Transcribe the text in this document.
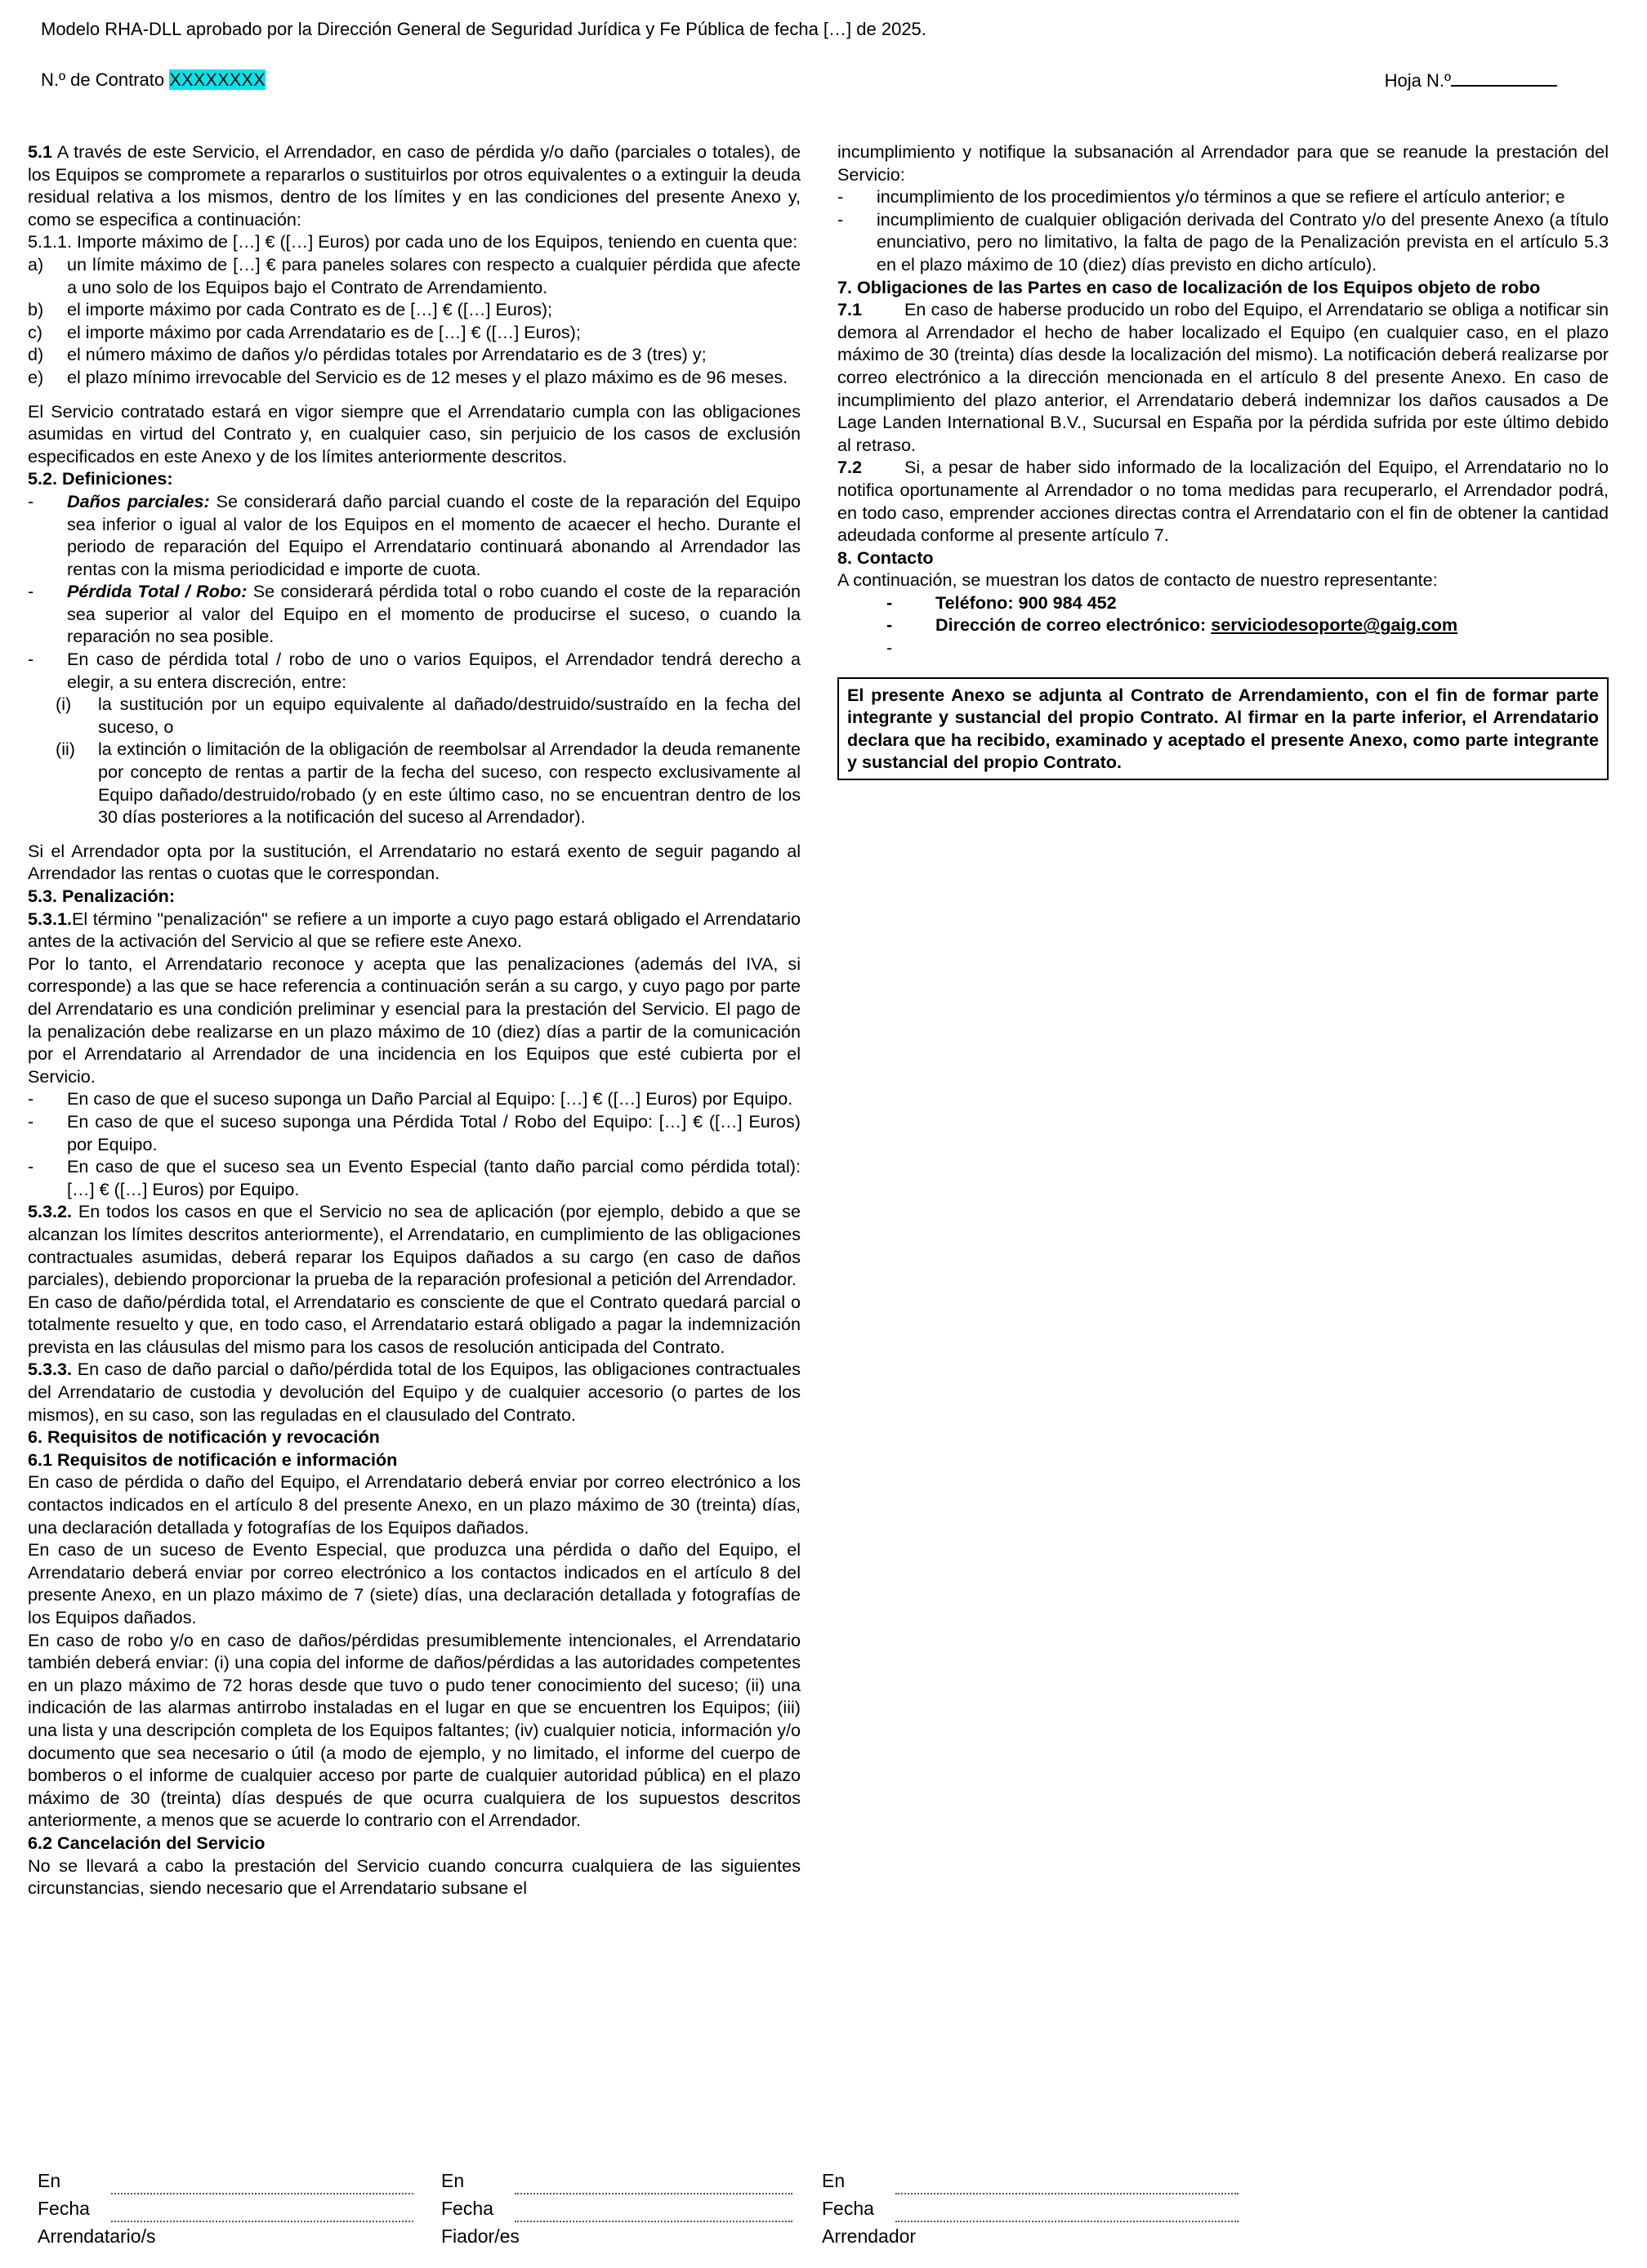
Modelo RHA-DLL aprobado por la Dirección General de Seguridad Jurídica y Fe Pública de fecha […] de 2025.
N.º de Contrato XXXXXXXX	Hoja N.º

5.1 A través de este Servicio, el Arrendador, en caso de pérdida y/o daño (parciales o totales), de los Equipos se compromete a repararlos o sustituirlos por otros equivalentes o a extinguir la deuda residual relativa a los mismos, dentro de los límites y en las condiciones del presente Anexo y, como se especifica a continuación:

5.1.1. Importe máximo de […] € ([…] Euros) por cada uno de los Equipos, teniendo en cuenta que:

a)	un límite máximo de […] € para paneles solares con respecto a cualquier pérdida que afecte a uno solo de los Equipos bajo el Contrato de Arrendamiento.
b)	el importe máximo por cada Contrato es de […] € ([…] Euros);
c)	el importe máximo por cada Arrendatario es de […] € ([…] Euros);
d)	el número máximo de daños y/o pérdidas totales por Arrendatario es de 3 (tres) y;
e)	el plazo mínimo irrevocable del Servicio es de 12 meses y el plazo máximo es de 96 meses.

El Servicio contratado estará en vigor siempre que el Arrendatario cumpla con las obligaciones asumidas en virtud del Contrato y, en cualquier caso, sin perjuicio de los casos de exclusión especificados en este Anexo y de los límites anteriormente descritos.

5.2. Definiciones:

-	Daños parciales: Se considerará daño parcial cuando el coste de la reparación del Equipo sea inferior o igual al valor de los Equipos en el momento de acaecer el hecho. Durante el periodo de reparación del Equipo el Arrendatario continuará abonando al Arrendador las rentas con la misma periodicidad e importe de cuota.
-	Pérdida Total / Robo: Se considerará pérdida total o robo cuando el coste de la reparación sea superior al valor del Equipo en el momento de producirse el suceso, o cuando la reparación no sea posible.
-	En caso de pérdida total / robo de uno o varios Equipos, el Arrendador tendrá derecho a elegir, a su entera discreción, entre:
(i)	la sustitución por un equipo equivalente al dañado/destruido/sustraído en la fecha del suceso, o
(ii)	la extinción o limitación de la obligación de reembolsar al Arrendador la deuda remanente por concepto de rentas a partir de la fecha del suceso, con respecto exclusivamente al Equipo dañado/destruido/robado (y en este último caso, no se encuentran dentro de los 30 días posteriores a la notificación del suceso al Arrendador).

Si el Arrendador opta por la sustitución, el Arrendatario no estará exento de seguir pagando al Arrendador las rentas o cuotas que le correspondan.

5.3. Penalización:

5.3.1.El término "penalización" se refiere a un importe a cuyo pago estará obligado el Arrendatario antes de la activación del Servicio al que se refiere este Anexo.

Por lo tanto, el Arrendatario reconoce y acepta que las penalizaciones (además del IVA, si corresponde) a las que se hace referencia a continuación serán a su cargo, y cuyo pago por parte del Arrendatario es una condición preliminar y esencial para la prestación del Servicio. El pago de la penalización debe realizarse en un plazo máximo de 10 (diez) días a partir de la comunicación por el Arrendatario al Arrendador de una incidencia en los Equipos que esté cubierta por el Servicio.

-	En caso de que el suceso suponga un Daño Parcial al Equipo: […] € ([…] Euros) por Equipo.
-	En caso de que el suceso suponga una Pérdida Total / Robo del Equipo: […] € ([…] Euros) por Equipo.
-	En caso de que el suceso sea un Evento Especial (tanto daño parcial como pérdida total): […] € ([…] Euros) por Equipo.

5.3.2. En todos los casos en que el Servicio no sea de aplicación (por ejemplo, debido a que se alcanzan los límites descritos anteriormente), el Arrendatario, en cumplimiento de las obligaciones contractuales asumidas, deberá reparar los Equipos dañados a su cargo (en caso de daños parciales), debiendo proporcionar la prueba de la reparación profesional a petición del Arrendador.

En caso de daño/pérdida total, el Arrendatario es consciente de que el Contrato quedará parcial o totalmente resuelto y que, en todo caso, el Arrendatario estará obligado a pagar la indemnización prevista en las cláusulas del mismo para los casos de resolución anticipada del Contrato.

5.3.3. En caso de daño parcial o daño/pérdida total de los Equipos, las obligaciones contractuales del Arrendatario de custodia y devolución del Equipo y de cualquier accesorio (o partes de los mismos), en su caso, son las reguladas en el clausulado del Contrato.

6. Requisitos de notificación y revocación

6.1 Requisitos de notificación e información

En caso de pérdida o daño del Equipo, el Arrendatario deberá enviar por correo electrónico a los contactos indicados en el artículo 8 del presente Anexo, en un plazo máximo de 30 (treinta) días, una declaración detallada y fotografías de los Equipos dañados.

En caso de un suceso de Evento Especial, que produzca una pérdida o daño del Equipo, el Arrendatario deberá enviar por correo electrónico a los contactos indicados en el artículo 8 del presente Anexo, en un plazo máximo de 7 (siete) días, una declaración detallada y fotografías de los Equipos dañados.

En caso de robo y/o en caso de daños/pérdidas presumiblemente intencionales, el Arrendatario también deberá enviar: (i) una copia del informe de daños/pérdidas a las autoridades competentes en un plazo máximo de 72 horas desde que tuvo o pudo tener conocimiento del suceso; (ii) una indicación de las alarmas antirrobo instaladas en el lugar en que se encuentren los Equipos; (iii) una lista y una descripción completa de los Equipos faltantes; (iv) cualquier noticia, información y/o documento que sea necesario o útil (a modo de ejemplo, y no limitado, el informe del cuerpo de bomberos o el informe de cualquier acceso por parte de cualquier autoridad pública) en el plazo máximo de 30 (treinta) días después de que ocurra cualquiera de los supuestos descritos anteriormente, a menos que se acuerde lo contrario con el Arrendador.

6.2 Cancelación del Servicio

No se llevará a cabo la prestación del Servicio cuando concurra cualquiera de las siguientes circunstancias, siendo necesario que el Arrendatario subsane el

incumplimiento y notifique la subsanación al Arrendador para que se reanude la prestación del Servicio:

-	incumplimiento de los procedimientos y/o términos a que se refiere el artículo anterior; e
-	incumplimiento de cualquier obligación derivada del Contrato y/o del presente Anexo (a título enunciativo, pero no limitativo, la falta de pago de la Penalización prevista en el artículo 5.3 en el plazo máximo de 10 (diez) días previsto en dicho artículo).

7. Obligaciones de las Partes en caso de localización de los Equipos objeto de robo

7.1 En caso de haberse producido un robo del Equipo, el Arrendatario se obliga a notificar sin demora al Arrendador el hecho de haber localizado el Equipo (en cualquier caso, en el plazo máximo de 30 (treinta) días desde la localización del mismo). La notificación deberá realizarse por correo electrónico a la dirección mencionada en el artículo 8 del presente Anexo. En caso de incumplimiento del plazo anterior, el Arrendatario deberá indemnizar los daños causados a De Lage Landen International B.V., Sucursal en España por la pérdida sufrida por este último debido al retraso.

7.2 Si, a pesar de haber sido informado de la localización del Equipo, el Arrendatario no lo notifica oportunamente al Arrendador o no toma medidas para recuperarlo, el Arrendador podrá, en todo caso, emprender acciones directas contra el Arrendatario con el fin de obtener la cantidad adeudada conforme al presente artículo 7.

8. Contacto

A continuación, se muestran los datos de contacto de nuestro representante:

-	Teléfono: 900 984 452
-	Dirección de correo electrónico: serviciodesoporte@gaig.com
-
El presente Anexo se adjunta al Contrato de Arrendamiento, con el fin de formar parte integrante y sustancial del propio Contrato. Al firmar en la parte inferior, el Arrendatario declara que ha recibido, examinado y aceptado el presente Anexo, como parte integrante y sustancial del propio Contrato.
En
Fecha
Arrendatario/s
En
Fecha
Fiador/es
En
Fecha
Arrendador
